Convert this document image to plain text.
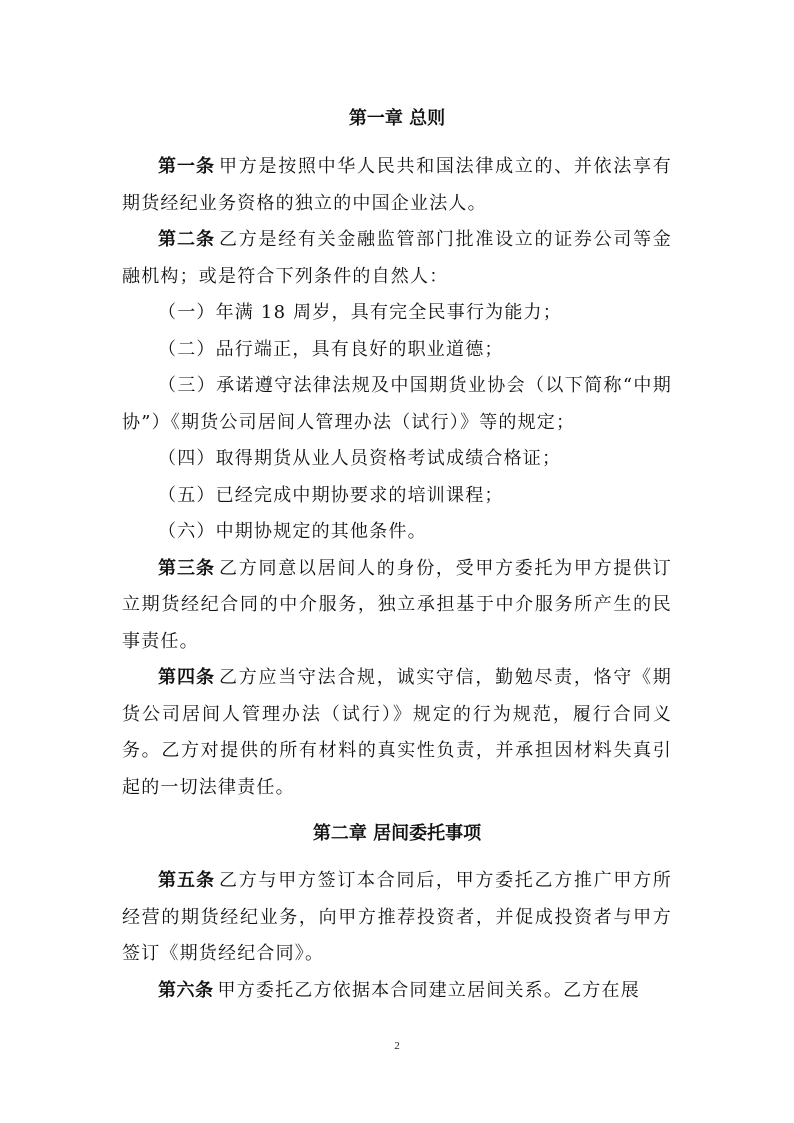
第一章 总则

第一条 甲方是按照中华人民共和国法律成立的、并依法享有期货经纪业务资格的独立的中国企业法人。

第二条 乙方是经有关金融监管部门批准设立的证券公司等金融机构；或是符合下列条件的自然人：

（一）年满 18 周岁，具有完全民事行为能力；

（二）品行端正，具有良好的职业道德；

（三）承诺遵守法律法规及中国期货业协会（以下简称“中期协”）《期货公司居间人管理办法（试行）》等的规定；

（四）取得期货从业人员资格考试成绩合格证；

（五）已经完成中期协要求的培训课程；

（六）中期协规定的其他条件。

第三条 乙方同意以居间人的身份，受甲方委托为甲方提供订立期货经纪合同的中介服务，独立承担基于中介服务所产生的民事责任。

第四条 乙方应当守法合规，诚实守信，勤勉尽责，恪守《期货公司居间人管理办法（试行）》规定的行为规范，履行合同义务。乙方对提供的所有材料的真实性负责，并承担因材料失真引起的一切法律责任。

第二章 居间委托事项

第五条 乙方与甲方签订本合同后，甲方委托乙方推广甲方所经营的期货经纪业务，向甲方推荐投资者，并促成投资者与甲方签订《期货经纪合同》。

第六条 甲方委托乙方依据本合同建立居间关系。乙方在展

2
